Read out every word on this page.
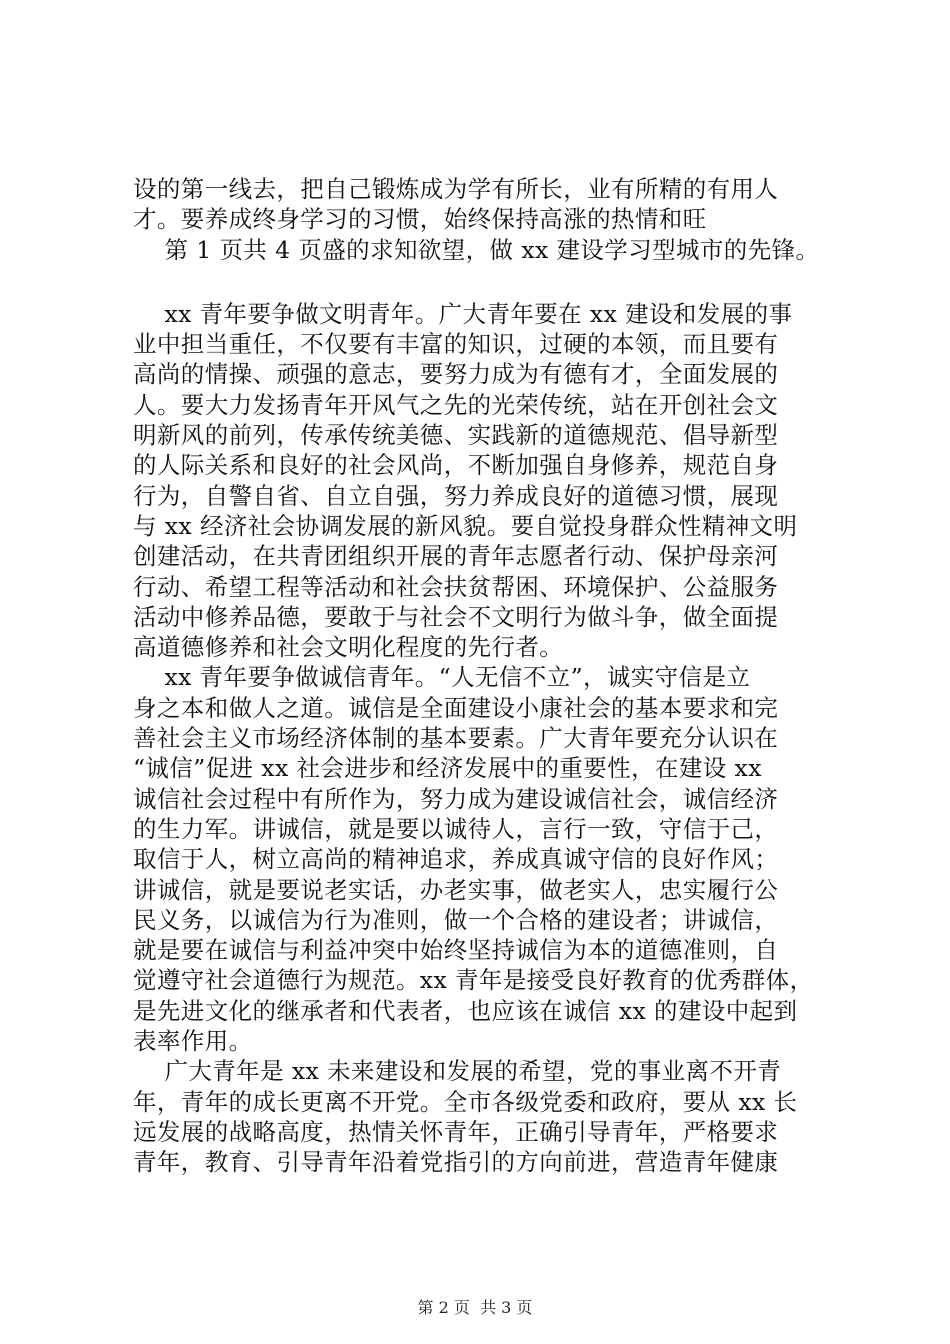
设的第一线去，把自己锻炼成为学有所长，业有所精的有用人
才。要养成终身学习的习惯，始终保持高涨的热情和旺
第 1 页共 4 页盛的求知欲望，做 xx 建设学习型城市的先锋。
xx 青年要争做文明青年。广大青年要在 xx 建设和发展的事
业中担当重任，不仅要有丰富的知识，过硬的本领，而且要有
高尚的情操、顽强的意志，要努力成为有德有才，全面发展的
人。要大力发扬青年开风气之先的光荣传统，站在开创社会文
明新风的前列，传承传统美德、实践新的道德规范、倡导新型
的人际关系和良好的社会风尚，不断加强自身修养，规范自身
行为，自警自省、自立自强，努力养成良好的道德习惯，展现
与 xx 经济社会协调发展的新风貌。要自觉投身群众性精神文明
创建活动，在共青团组织开展的青年志愿者行动、保护母亲河
行动、希望工程等活动和社会扶贫帮困、环境保护、公益服务
活动中修养品德，要敢于与社会不文明行为做斗争，做全面提
高道德修养和社会文明化程度的先行者。
xx 青年要争做诚信青年。“人无信不立”，诚实守信是立
身之本和做人之道。诚信是全面建设小康社会的基本要求和完
善社会主义市场经济体制的基本要素。广大青年要充分认识在
“诚信”促进 xx 社会进步和经济发展中的重要性，在建设 xx
诚信社会过程中有所作为，努力成为建设诚信社会，诚信经济
的生力军。讲诚信，就是要以诚待人，言行一致，守信于己，
取信于人，树立高尚的精神追求，养成真诚守信的良好作风；
讲诚信，就是要说老实话，办老实事，做老实人，忠实履行公
民义务，以诚信为行为准则，做一个合格的建设者；讲诚信，
就是要在诚信与利益冲突中始终坚持诚信为本的道德准则，自
觉遵守社会道德行为规范。xx 青年是接受良好教育的优秀群体，
是先进文化的继承者和代表者，也应该在诚信 xx 的建设中起到
表率作用。
广大青年是 xx 未来建设和发展的希望，党的事业离不开青
年，青年的成长更离不开党。全市各级党委和政府，要从 xx 长
远发展的战略高度，热情关怀青年，正确引导青年，严格要求
青年，教育、引导青年沿着党指引的方向前进，营造青年健康
第 2 页  共 3 页
